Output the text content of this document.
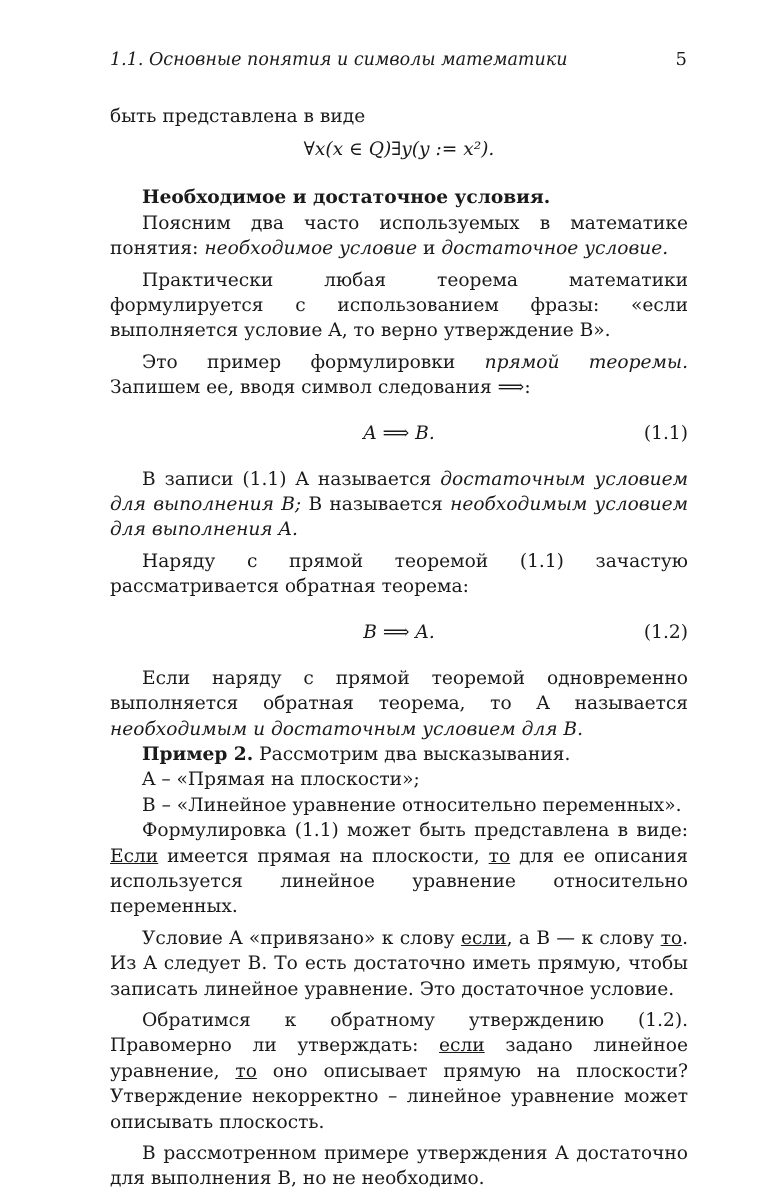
1.1. Основные понятия и символы математики	5

быть представлена в виде

∀x(x ∈ Q)∃y(y := x²).

Необходимое и достаточное условия.

Поясним два часто используемых в математике понятия: необходимое условие и достаточное условие.

Практически любая теорема математики формулируется с использованием фразы: «если выполняется условие A, то верно утверждение B».

Это пример формулировки прямой теоремы. Запишем ее, вводя символ следования ⟹:

A ⟹ B.	(1.1)

В записи (1.1) A называется достаточным условием для выполнения B; B называется необходимым условием для выполнения A.

Наряду с прямой теоремой (1.1) зачастую рассматривается обратная теорема:

B ⟹ A.	(1.2)

Если наряду с прямой теоремой одновременно выполняется обратная теорема, то A называется необходимым и достаточным условием для B.

Пример 2. Рассмотрим два высказывания.

A – «Прямая на плоскости»;

B – «Линейное уравнение относительно переменных».

Формулировка (1.1) может быть представлена в виде: Если имеется прямая на плоскости, то для ее описания используется линейное уравнение относительно переменных.

Условие A «привязано» к слову если, а B — к слову то. Из A следует B. То есть достаточно иметь прямую, чтобы записать линейное уравнение. Это достаточное условие.

Обратимся к обратному утверждению (1.2). Правомерно ли утверждать: если задано линейное уравнение, то оно описывает прямую на плоскости? Утверждение некорректно – линейное уравнение может описывать плоскость.

В рассмотренном примере утверждения A достаточно для выполнения B, но не необходимо.
